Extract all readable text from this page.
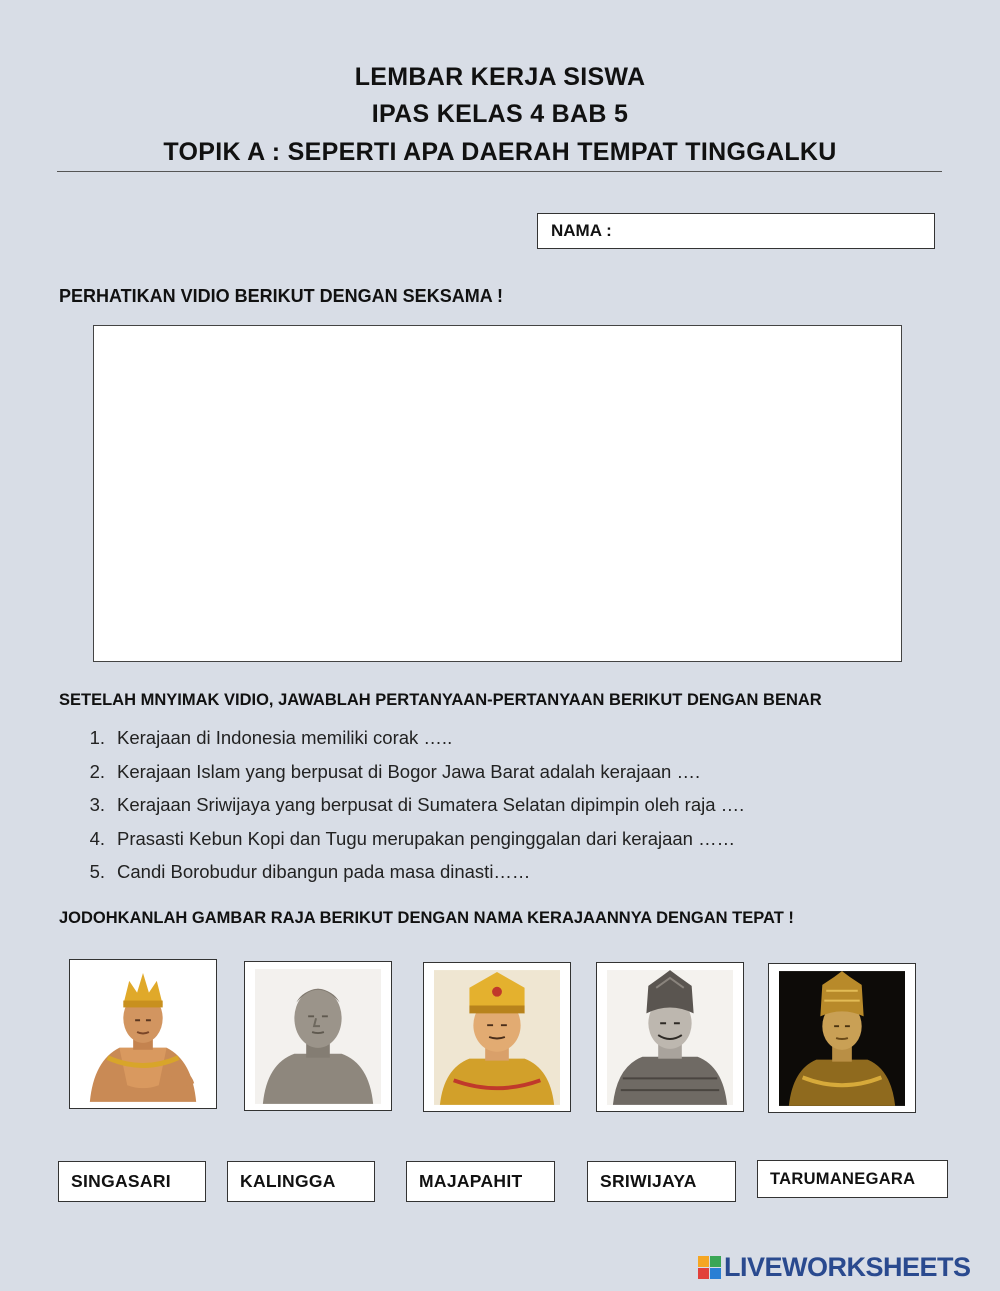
LEMBAR KERJA SISWA
IPAS KELAS 4 BAB 5
TOPIK A : SEPERTI APA DAERAH TEMPAT TINGGALKU
NAMA :
PERHATIKAN VIDIO BERIKUT DENGAN SEKSAMA !
SETELAH MNYIMAK VIDIO, JAWABLAH PERTANYAAN-PERTANYAAN BERIKUT DENGAN BENAR
1. Kerajaan di Indonesia memiliki corak …..
2. Kerajaan Islam yang berpusat di Bogor Jawa Barat adalah kerajaan ….
3. Kerajaan Sriwijaya yang berpusat di Sumatera Selatan dipimpin oleh raja ….
4. Prasasti Kebun Kopi dan Tugu merupakan penginggalan dari kerajaan ……
5. Candi Borobudur dibangun pada masa dinasti……
JODOHKANLAH GAMBAR RAJA BERIKUT DENGAN NAMA KERAJAANNYA DENGAN TEPAT !
SINGASARI	KALINGGA	MAJAPAHIT	SRIWIJAYA	TARUMANEGARA
LIVEWORKSHEETS
